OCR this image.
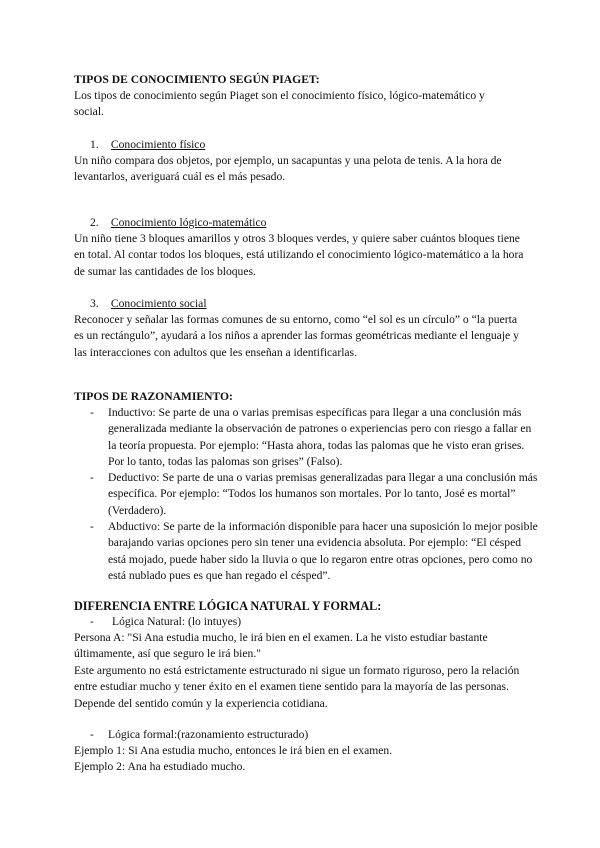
TIPOS DE CONOCIMIENTO SEGÚN PIAGET:
Los tipos de conocimiento según Piaget son el conocimiento físico, lógico-matemático y social.
1. Conocimiento físico
Un niño compara dos objetos, por ejemplo, un sacapuntas y una pelota de tenis. A la hora de levantarlos, averiguará cuál es el más pesado.
2. Conocimiento lógico-matemático
Un niño tiene 3 bloques amarillos y otros 3 bloques verdes, y quiere saber cuántos bloques tiene en total. Al contar todos los bloques, está utilizando el conocimiento lógico-matemático a la hora de sumar las cantidades de los bloques.
3. Conocimiento social
Reconocer y señalar las formas comunes de su entorno, como “el sol es un círculo” o “la puerta es un rectángulo”, ayudará a los niños a aprender las formas geométricas mediante el lenguaje y las interacciones con adultos que les enseñan a identificarlas.
TIPOS DE RAZONAMIENTO:
- Inductivo: Se parte de una o varias premisas específicas para llegar a una conclusión más generalizada mediante la observación de patrones o experiencias pero con riesgo a fallar en la teoría propuesta. Por ejemplo: “Hasta ahora, todas las palomas que he visto eran grises. Por lo tanto, todas las palomas son grises” (Falso).
- Deductivo: Se parte de una o varias premisas generalizadas para llegar a una conclusión más específica. Por ejemplo: “Todos los humanos son mortales. Por lo tanto, José es mortal” (Verdadero).
- Abductivo: Se parte de la información disponible para hacer una suposición lo mejor posible barajando varias opciones pero sin tener una evidencia absoluta. Por ejemplo: “El césped está mojado, puede haber sido la lluvia o que lo regaron entre otras opciones, pero como no está nublado pues es que han regado el césped”.
DIFERENCIA ENTRE LÓGICA NATURAL Y FORMAL:
- Lógica Natural: (lo intuyes)
Persona A: "Si Ana estudia mucho, le irá bien en el examen. La he visto estudiar bastante últimamente, así que seguro le irá bien."
Este argumento no está estrictamente estructurado ni sigue un formato riguroso, pero la relación entre estudiar mucho y tener éxito en el examen tiene sentido para la mayoría de las personas. Depende del sentido común y la experiencia cotidiana.
- Lógica formal:(razonamiento estructurado)
Ejemplo 1: Si Ana estudia mucho, entonces le irá bien en el examen.
Ejemplo 2: Ana ha estudiado mucho.
